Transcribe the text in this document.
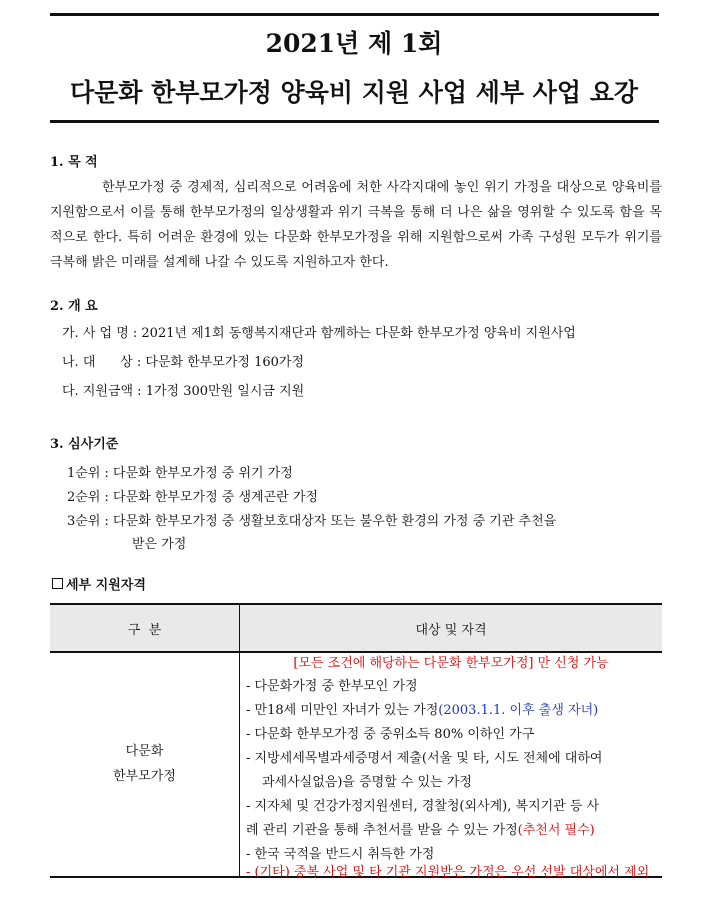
2021년 제 1회
다문화 한부모가정 양육비 지원 사업 세부 사업 요강
1. 목 적

한부모가정 중 경제적, 심리적으로 어려움에 처한 사각지대에 놓인 위기 가정을 대상으로 양육비를 지원함으로서 이를 통해 한부모가정의 일상생활과 위기 극복을 통해 더 나은 삶을 영위할 수 있도록 함을 목적으로 한다. 특히 어려운 환경에 있는 다문화 한부모가정을 위해 지원함으로써 가족 구성원 모두가 위기를 극복해 밝은 미래를 설계해 나갈 수 있도록 지원하고자 한다.

2. 개 요
가. 사 업 명 : 2021년 제1회 동행복지재단과 함께하는 다문화 한부모가정 양육비 지원사업
나. 대      상 : 다문화 한부모가정 160가정
다. 지원금액 : 1가정 300만원 일시금 지원
3. 심사기준
1순위 : 다문화 한부모가정 중 위기 가정
2순위 : 다문화 한부모가정 중 생계곤란 가정
3순위 : 다문화 한부모가정 중 생활보호대상자 또는 불우한 환경의 가정 중 기관 추천을
받은 가정
세부 지원자격
구  분	대상 및 자격
다문화
한부모가정
[모든 조건에 해당하는 다문화 한부모가정] 만 신청 가능
- 다문화가정 중 한부모인 가정
- 만18세 미만인 자녀가 있는 가정(2003.1.1. 이후 출생 자녀)
- 다문화 한부모가정 중 중위소득 80% 이하인 가구
- 지방세세목별과세증명서 제출(서울 및 타, 시도 전체에 대하여
과세사실없음)을 증명할 수 있는 가정
- 지자체 및 건강가정지원센터, 경찰청(외사계), 복지기관 등 사
례 관리 기관을 통해 추천서를 받을 수 있는 가정(추천서 필수)
- 한국 국적을 반드시 취득한 가정
- (기타) 중복 사업 및 타 기관 지원받은 가정은 우선 선발 대상에서 제외
